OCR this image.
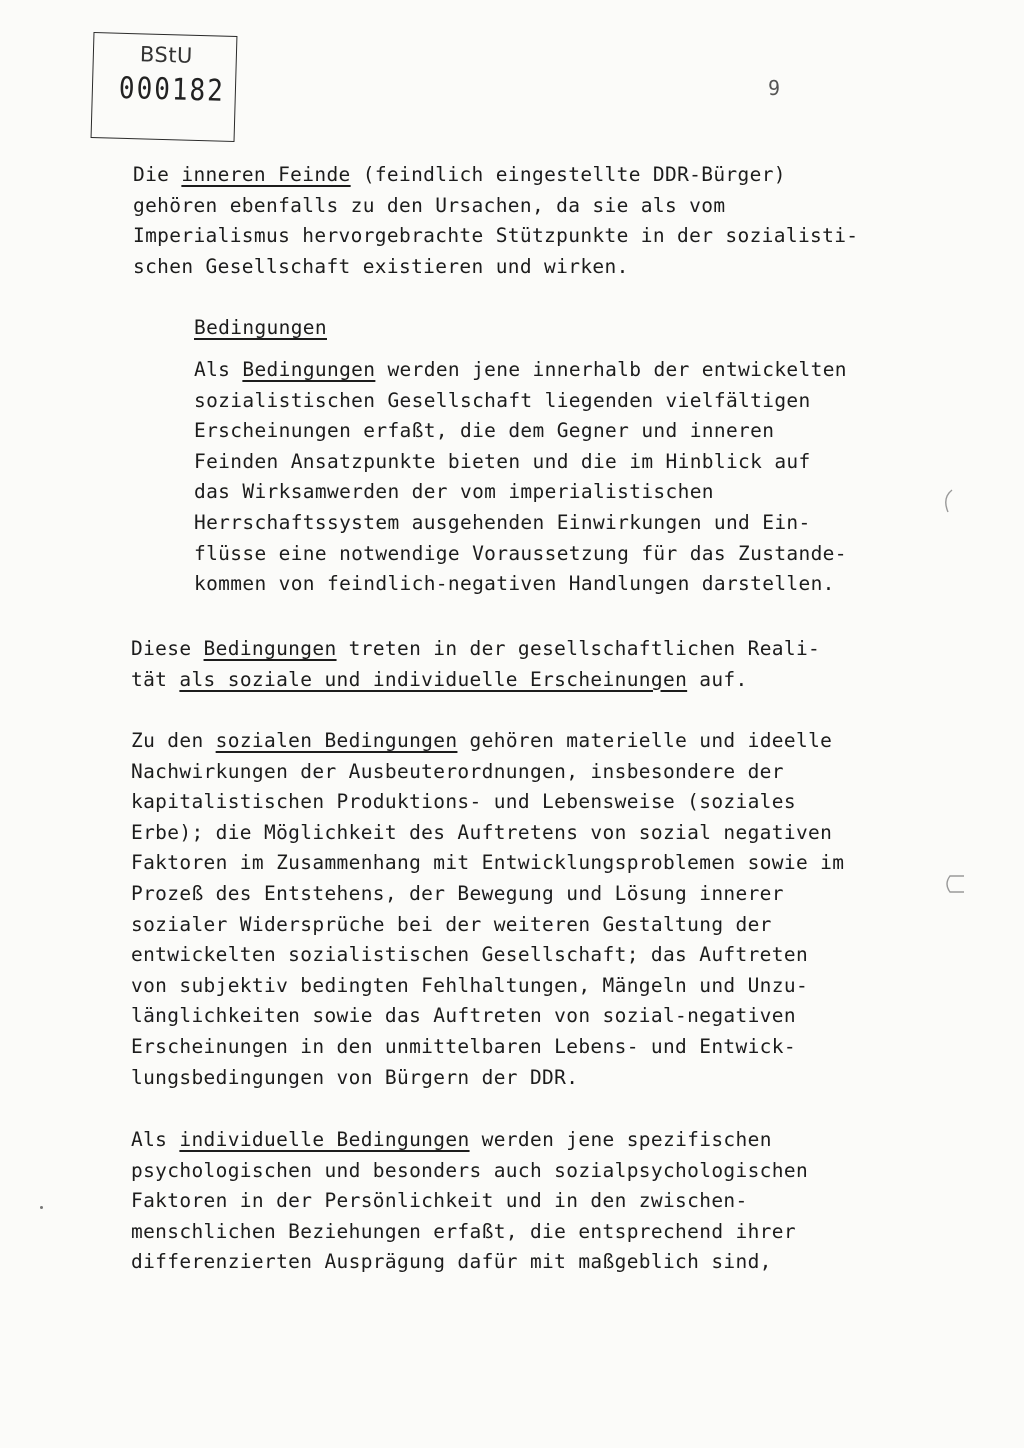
BStU
000182	9
Die inneren Feinde (feindlich eingestellte DDR-Bürger)
gehören ebenfalls zu den Ursachen, da sie als vom
Imperialismus hervorgebrachte Stützpunkte in der sozialisti-
schen Gesellschaft existieren und wirken.
Bedingungen
Als Bedingungen werden jene innerhalb der entwickelten
sozialistischen Gesellschaft liegenden vielfältigen
Erscheinungen erfaßt, die dem Gegner und inneren
Feinden Ansatzpunkte bieten und die im Hinblick auf
das Wirksamwerden der vom imperialistischen
Herrschaftssystem ausgehenden Einwirkungen und Ein-
flüsse eine notwendige Voraussetzung für das Zustande-
kommen von feindlich-negativen Handlungen darstellen.
Diese Bedingungen treten in der gesellschaftlichen Reali-
tät als soziale und individuelle Erscheinungen auf.
Zu den sozialen Bedingungen gehören materielle und ideelle
Nachwirkungen der Ausbeuterordnungen, insbesondere der
kapitalistischen Produktions- und Lebensweise (soziales
Erbe); die Möglichkeit des Auftretens von sozial negativen
Faktoren im Zusammenhang mit Entwicklungsproblemen sowie im
Prozeß des Entstehens, der Bewegung und Lösung innerer
sozialer Widersprüche bei der weiteren Gestaltung der
entwickelten sozialistischen Gesellschaft; das Auftreten
von subjektiv bedingten Fehlhaltungen, Mängeln und Unzu-
länglichkeiten sowie das Auftreten von sozial-negativen
Erscheinungen in den unmittelbaren Lebens- und Entwick-
lungsbedingungen von Bürgern der DDR.
Als individuelle Bedingungen werden jene spezifischen
psychologischen und besonders auch sozialpsychologischen
Faktoren in der Persönlichkeit und in den zwischen-
menschlichen Beziehungen erfaßt, die entsprechend ihrer
differenzierten Ausprägung dafür mit maßgeblich sind,
